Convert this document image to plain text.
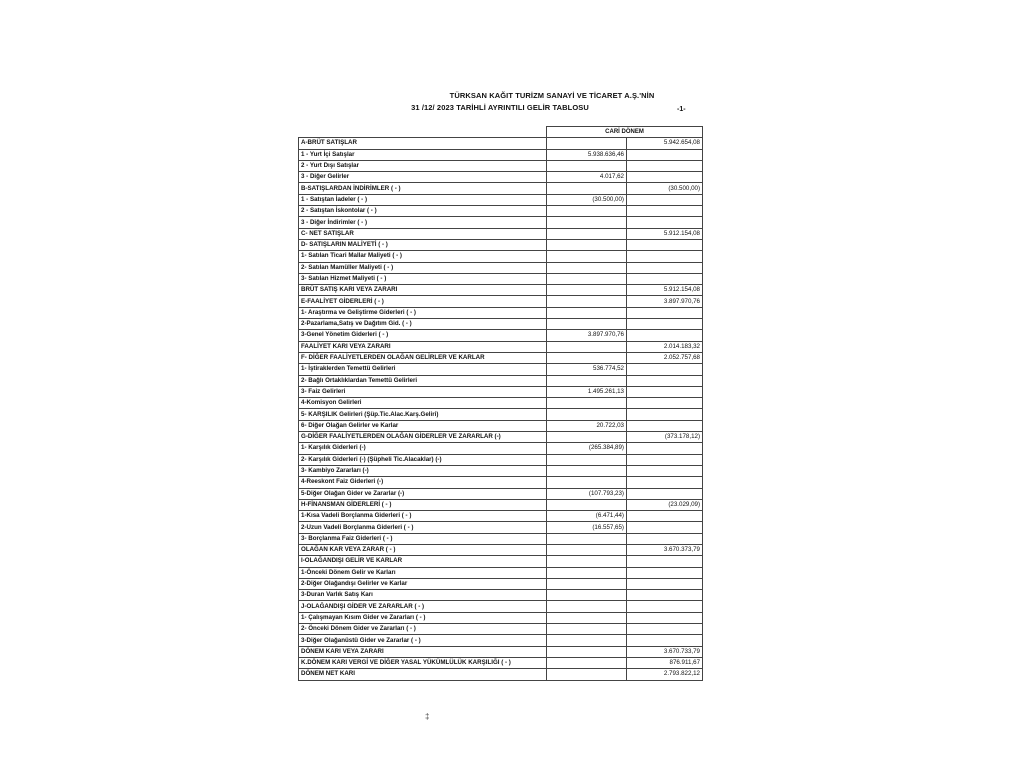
TÜRKSAN KAĞIT TURİZM SANAYİ VE TİCARET A.Ş.'NİN
31 /12/ 2023 TARİHLİ AYRINTILI GELİR TABLOSU	-1-
	CARİ DÖNEM	
A-BRÜT SATIŞLAR		5.942.654,08
1 - Yurt İçi Satışlar	5.938.636,46	
2 - Yurt Dışı Satışlar		
3 - Diğer Gelirler	4.017,62	
B-SATIŞLARDAN İNDİRİMLER ( - )		(30.500,00)
1 - Satıştan İadeler ( - )	(30.500,00)	
2 - Satıştan İskontolar ( - )		
3 - Diğer İndirimler ( - )		
C- NET SATIŞLAR		5.912.154,08
D- SATIŞLARIN MALİYETİ ( - )		
1- Satılan Ticari Mallar Maliyeti ( - )		
2- Satılan Mamüller Maliyeti ( - )		
3- Satılan Hizmet Maliyeti ( - )		
BRÜT SATIŞ KARI VEYA ZARARI		5.912.154,08
E-FAALİYET GİDERLERİ ( - )		3.897.970,76
1- Araştırma ve Geliştirme Giderleri ( - )		
2-Pazarlama,Satış ve Dağıtım Gid. ( - )		
3-Genel Yönetim Giderleri ( - )	3.897.970,76	
FAALİYET KARI VEYA ZARARI		2.014.183,32
F- DİĞER FAALİYETLERDEN OLAĞAN GELİRLER VE KARLAR		2.052.757,68
1- İştiraklerden Temettü Gelirleri	536.774,52	
2- Bağlı Ortaklıklardan Temettü Gelirleri		
3- Faiz Gelirleri	1.495.261,13	
4-Komisyon Gelirleri		
5- KARŞILIK Gelirleri (Şüp.Tic.Alac.Karş.Geliri)		
6- Diğer Olağan Gelirler ve Karlar	20.722,03	
G-DİĞER FAALİYETLERDEN OLAĞAN GİDERLER VE ZARARLAR (-)		(373.178,12)
1- Karşılık Giderleri (-)	(265.384,89)	
2- Karşılık Giderleri (-) (Şüpheli Tic.Alacaklar) (-)		
3- Kambiyo Zararları (-)		
4-Reeskont Faiz Giderleri (-)		
5-Diğer Olağan Gider ve Zararlar (-)	(107.793,23)	
H-FİNANSMAN GİDERLERİ ( - )		(23.029,09)
1-Kısa Vadeli Borçlanma Giderleri ( - )	(6.471,44)	
2-Uzun Vadeli Borçlanma Giderleri ( - )	(16.557,65)	
3- Borçlanma Faiz Giderleri ( - )		
OLAĞAN KAR VEYA ZARAR ( - )		3.670.373,79
I-OLAĞANDIŞI GELİR VE KARLAR		
1-Önceki Dönem Gelir ve Karları		
2-Diğer Olağandışı Gelirler ve Karlar		
3-Duran Varlık Satış Karı		
J-OLAĞANDIŞI GİDER VE ZARARLAR ( - )		
1- Çalışmayan Kısım Gider ve Zararları ( - )		
2- Önceki Dönem Gider ve Zararları ( - )		
3-Diğer Olağanüstü Gider ve Zararlar ( - )		
DÖNEM KARI VEYA ZARARI		3.670.733,79
K.DÖNEM KARI VERGİ VE DİĞER YASAL YÜKÜMLÜLÜK KARŞILIĞI ( - )		876.911,67
DÖNEM NET KARI		2.793.822,12
‡
